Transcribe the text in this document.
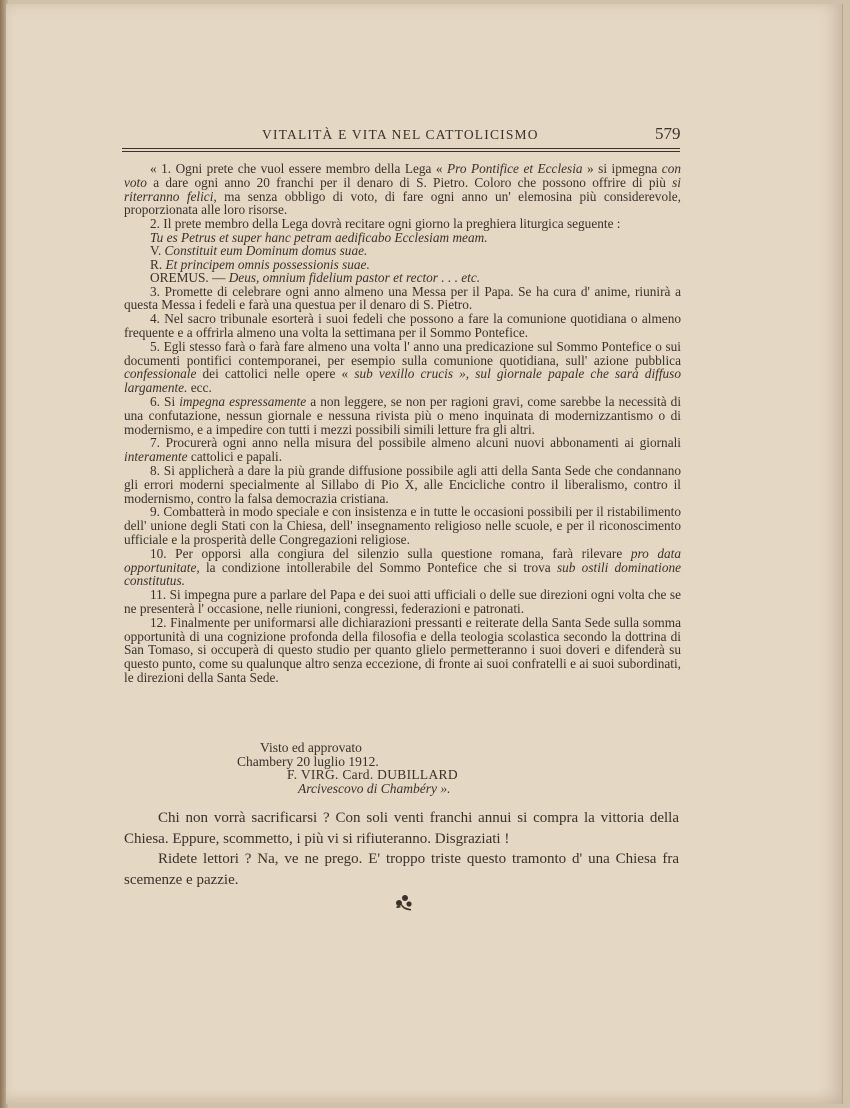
VITALITÀ E VITA NEL CATTOLICISMO	579

« 1. Ogni prete che vuol essere membro della Lega « Pro Pontifice et Ecclesia » si ipmegna con voto a dare ogni anno 20 franchi per il denaro di S. Pietro. Coloro che possono offrire di più si riterranno felici, ma senza obbligo di voto, di fare ogni anno un' elemosina più considerevole, proporzionata alle loro risorse.

2. Il prete membro della Lega dovrà recitare ogni giorno la preghiera liturgica seguente :

Tu es Petrus et super hanc petram aedificabo Ecclesiam meam.

V. Constituit eum Dominum domus suae.

R. Et principem omnis possessionis suae.

OREMUS. — Deus, omnium fidelium pastor et rector . . . etc.

3. Promette di celebrare ogni anno almeno una Messa per il Papa. Se ha cura d' anime, riunirà a questa Messa i fedeli e farà una questua per il denaro di S. Pietro.

4. Nel sacro tribunale esorterà i suoi fedeli che possono a fare la comunione quotidiana o almeno frequente e a offrirla almeno una volta la settimana per il Sommo Pontefice.

5. Egli stesso farà o farà fare almeno una volta l' anno una predicazione sul Sommo Pontefice o sui documenti pontifici contemporanei, per esempio sulla comunione quotidiana, sull' azione pubblica confessionale dei cattolici nelle opere « sub vexillo crucis », sul giornale papale che sarà diffuso largamente. ecc.

6. Si impegna espressamente a non leggere, se non per ragioni gravi, come sarebbe la necessità di una confutazione, nessun giornale e nessuna rivista più o meno inquinata di modernizzantismo o di modernismo, e a impedire con tutti i mezzi possibili simili letture fra gli altri.

7. Procurerà ogni anno nella misura del possibile almeno alcuni nuovi abbonamenti ai giornali interamente cattolici e papali.

8. Si applicherà a dare la più grande diffusione possibile agli atti della Santa Sede che condannano gli errori moderni specialmente al Sillabo di Pio X, alle Encicliche contro il liberalismo, contro il modernismo, contro la falsa democrazia cristiana.

9. Combatterà in modo speciale e con insistenza e in tutte le occasioni possibili per il ristabilimento dell' unione degli Stati con la Chiesa, dell' insegnamento religioso nelle scuole, e per il riconoscimento ufficiale e la prosperità delle Congregazioni religiose.

10. Per opporsi alla congiura del silenzio sulla questione romana, farà rilevare pro data opportunitate, la condizione intollerabile del Sommo Pontefice che si trova sub ostili dominatione constitutus.

11. Si impegna pure a parlare del Papa e dei suoi atti ufficiali o delle sue direzioni ogni volta che se ne presenterà l' occasione, nelle riunioni, congressi, federazioni e patronati.

12. Finalmente per uniformarsi alle dichiarazioni pressanti e reiterate della Santa Sede sulla somma opportunità di una cognizione profonda della filosofia e della teologia scolastica secondo la dottrina di San Tomaso, si occuperà di questo studio per quanto glielo permetteranno i suoi doveri e difenderà su questo punto, come su qualunque altro senza eccezione, di fronte ai suoi confratelli e ai suoi subordinati, le direzioni della Santa Sede.

Visto ed approvato
Chambery 20 luglio 1912.
F. VIRG. Card. DUBILLARD
Arcivescovo di Chambéry ».

Chi non vorrà sacrificarsi ? Con soli venti franchi annui si compra la vittoria della Chiesa. Eppure, scommetto, i più vi si rifiuteranno. Disgraziati !

Ridete lettori ? Na, ve ne prego. E' troppo triste questo tramonto d' una Chiesa fra scemenze e pazzie.
